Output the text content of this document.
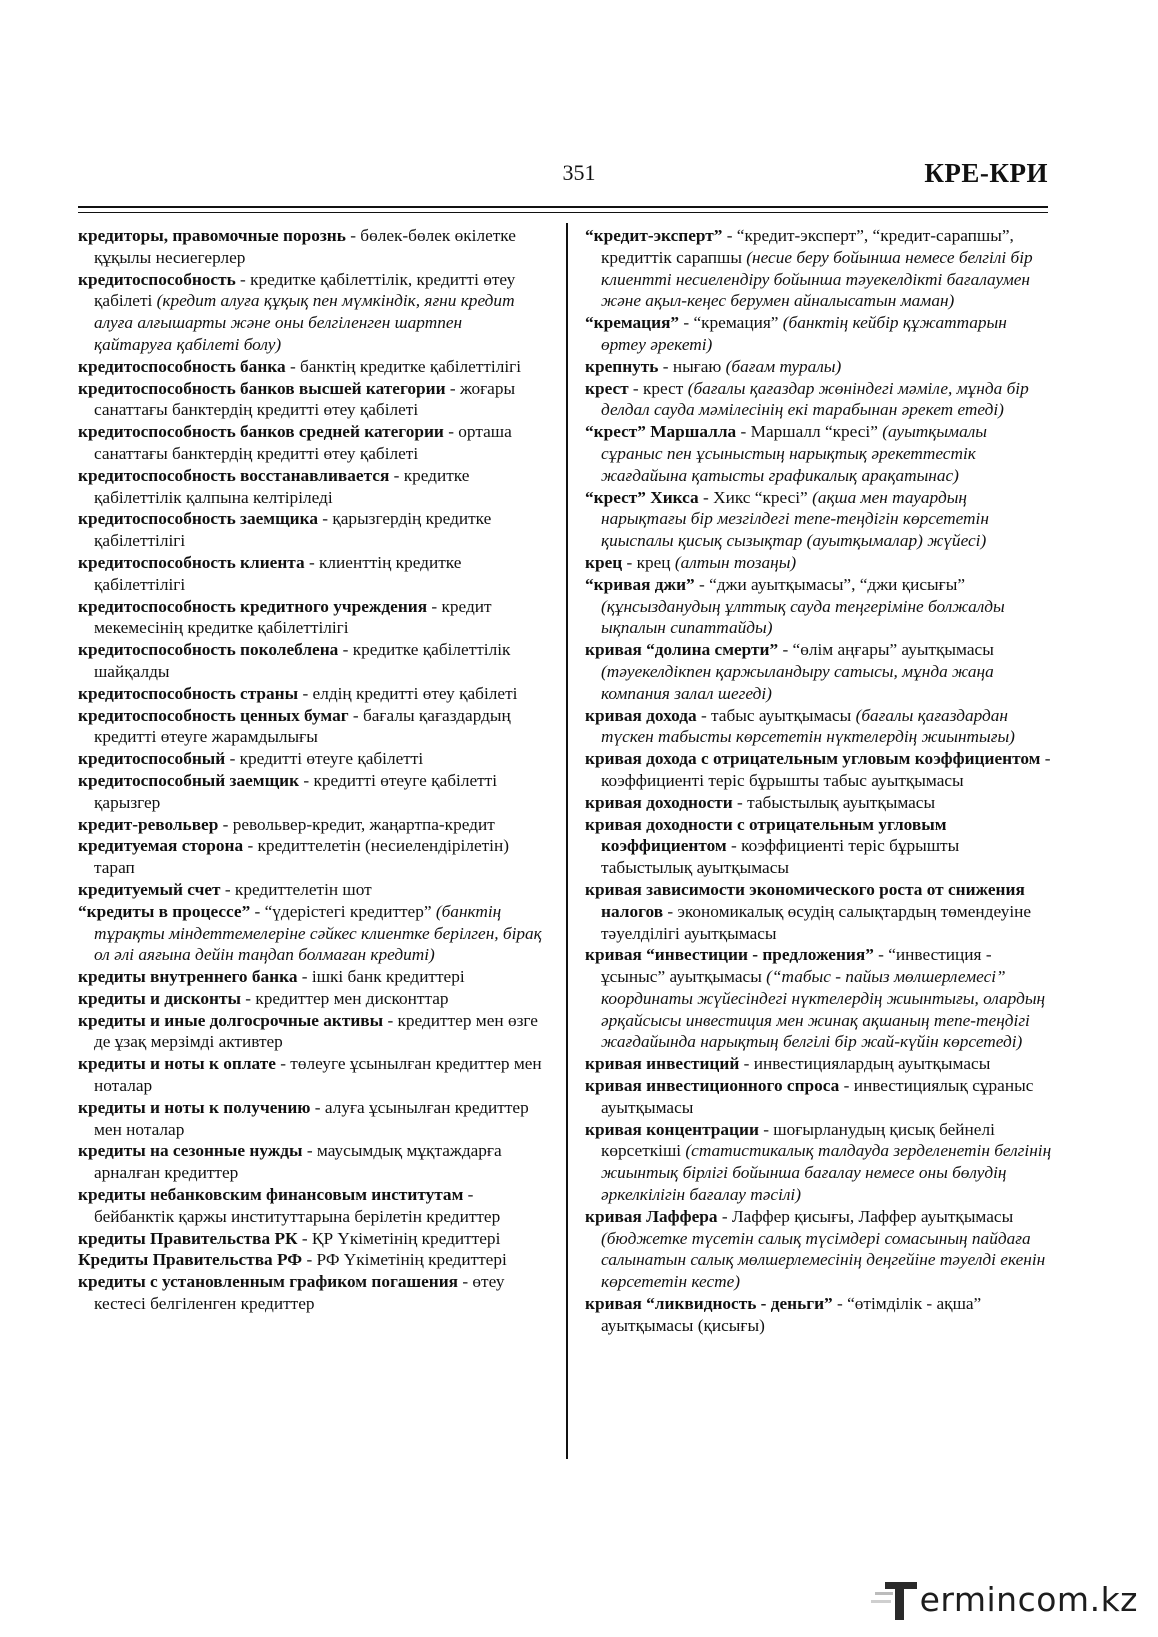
351	КРЕ-КРИ

кредиторы, правомочные порознь - бөлек-бөлек өкілетке құқылы несиегерлер

кредитоспособность - кредитке қабілеттілік, кредитті өтеу қабілеті (кредит алуға құқық пен мүмкіндік, яғни кредит алуға алғышарты және оны белгіленген шартпен қайтаруға қабілеті болу)

кредитоспособность банка - банктің кредитке қабілеттілігі

кредитоспособность банков высшей категории - жоғары санаттағы банктердің кредитті өтеу қабілеті

кредитоспособность банков средней категории - орташа санаттағы банктердің кредитті өтеу қабілеті

кредитоспособность восстанавливается - кредитке қабілеттілік қалпына келтіріледі

кредитоспособность заемщика - қарызгердің кредитке қабілеттілігі

кредитоспособность клиента - клиенттің кредитке қабілеттілігі

кредитоспособность кредитного учреждения - кредит мекемесінің кредитке қабілеттілігі

кредитоспособность поколеблена - кредитке қабілеттілік шайқалды

кредитоспособность страны - елдің кредитті өтеу қабілеті

кредитоспособность ценных бумаг - бағалы қағаздардың кредитті өтеуге жарамдылығы

кредитоспособный - кредитті өтеуге қабілетті

кредитоспособный заемщик - кредитті өтеуге қабілетті қарызгер

кредит-револьвер - револьвер-кредит, жаңартпа-кредит

кредитуемая сторона - кредиттелетін (несиелендірілетін) тарап

кредитуемый счет - кредиттелетін шот

“кредиты в процессе” - “үдерістегі кредиттер” (банктің тұрақты міндеттемелеріне сәйкес клиентке берілген, бірақ ол әлі аяғына дейін таңдап болмаған кредиті)

кредиты внутреннего банка - ішкі банк кредиттері

кредиты и дисконты - кредиттер мен дисконттар

кредиты и иные долгосрочные активы - кредиттер мен өзге де ұзақ мерзімді активтер

кредиты и ноты к оплате - төлеуге ұсынылған кредиттер мен ноталар

кредиты и ноты к получению - алуға ұсынылған кредиттер мен ноталар

кредиты на сезонные нужды - маусымдық мұқтаждарға арналған кредиттер

кредиты небанковским финансовым институтам - бейбанктік қаржы институттарына берілетін кредиттер

кредиты Правительства РК - ҚР Үкіметінің кредиттері

Кредиты Правительства РФ - РФ Үкіметінің кредиттері

кредиты с установленным графиком погашения - өтеу кестесі белгіленген кредиттер

“кредит-эксперт” - “кредит-эксперт”, “кредит-сарапшы”, кредиттік сарапшы (несие беру бойынша немесе белгілі бір клиентті несиелендіру бойынша тәуекелдікті бағалаумен және ақыл-кеңес берумен айналысатын маман)

“кремация” - “кремация” (банктің кейбір құжаттарын өртеу әрекеті)

крепнуть - нығаю (бағам туралы)

крест - крест (бағалы қағаздар жөніндегі мәміле, мұнда бір делдал сауда мәмілесінің екі тарабынан әрекет етеді)

“крест” Маршалла - Маршалл “кресі” (ауытқымалы сұраныс пен ұсыныстың нарықтық әрекеттестік жағдайына қатысты графикалық арақатынас)

“крест” Хикса - Хикс “кресі” (ақша мен тауардың нарықтағы бір мезгілдегі тепе-теңдігін көрсететін қиыспалы қисық сызықтар (ауытқымалар) жүйесі)

крец - крец (алтын тозаңы)

“кривая джи” - “джи ауытқымасы”, “джи қисығы” (құнсызданудың ұлттық сауда теңгеріміне болжалды ықпалын сипаттайды)

кривая “долина смерти” - “өлім аңғары” ауытқымасы (тәуекелдікпен қаржыландыру сатысы, мұнда жаңа компания залал шегеді)

кривая дохода - табыс ауытқымасы (бағалы қағаздардан түскен табысты көрсететін нүктелердің жиынтығы)

кривая дохода с отрицательным угловым коэффициентом - коэффициенті теріс бұрышты табыс ауытқымасы

кривая доходности - табыстылық ауытқымасы

кривая доходности с отрицательным угловым коэффициентом - коэффициенті теріс бұрышты табыстылық ауытқымасы

кривая зависимости экономического роста от снижения налогов - экономикалық өсудің салықтардың төмендеуіне тәуелділігі ауытқымасы

кривая “инвестиции - предложения” - “инвестиция - ұсыныс” ауытқымасы (“табыс - пайыз мөлшерлемесі” координаты жүйесіндегі нүктелердің жиынтығы, олардың әрқайсысы инвестиция мен жинақ ақшаның тепе-теңдігі жағдайында нарықтың белгілі бір жай-күйін көрсетеді)

кривая инвестиций - инвестициялардың ауытқымасы

кривая инвестиционного спроса - инвестициялық сұраныс ауытқымасы

кривая концентрации - шоғырланудың қисық бейнелі көрсеткіші (статистикалық талдауда зерделенетін белгінің жиынтық бірлігі бойынша бағалау немесе оны бөлудің әркелкілігін бағалау тәсілі)

кривая Лаффера - Лаффер қисығы, Лаффер ауытқымасы (бюджетке түсетін салық түсімдері сомасының пайдаға салынатын салық мөлшерлемесінің деңгейіне тәуелді екенін көрсететін кесте)

кривая “ликвидность - деньги” - “өтімділік - ақша” ауытқымасы (қисығы)

ermincom .kz
